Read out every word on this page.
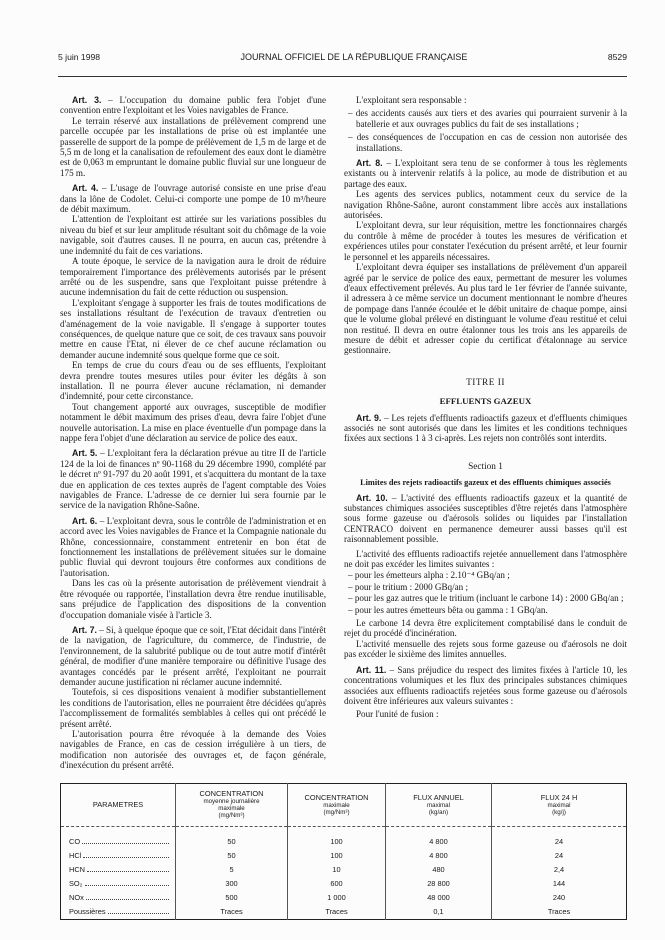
5 juin 1998	JOURNAL OFFICIEL DE LA RÉPUBLIQUE FRANÇAISE	8529

Art. 3. – L'occupation du domaine public fera l'objet d'une convention entre l'exploitant et les Voies navigables de France.

Le terrain réservé aux installations de prélèvement comprend une parcelle occupée par les installations de prise où est implantée une passerelle de support de la pompe de prélèvement de 1,5 m de large et de 5,5 m de long et la canalisation de refoulement des eaux dont le diamètre est de 0,063 m empruntant le domaine public fluvial sur une longueur de 175 m.

Art. 4. – L'usage de l'ouvrage autorisé consiste en une prise d'eau dans la lône de Codolet. Celui-ci comporte une pompe de 10 m³/heure de débit maximum.

L'attention de l'exploitant est attirée sur les variations possibles du niveau du bief et sur leur amplitude résultant soit du chômage de la voie navigable, soit d'autres causes. Il ne pourra, en aucun cas, prétendre à une indemnité du fait de ces variations.

A toute époque, le service de la navigation aura le droit de réduire temporairement l'importance des prélèvements autorisés par le présent arrêté ou de les suspendre, sans que l'exploitant puisse prétendre à aucune indemnisation du fait de cette réduction ou suspension.

L'exploitant s'engage à supporter les frais de toutes modifications de ses installations résultant de l'exécution de travaux d'entretien ou d'aménagement de la voie navigable. Il s'engage à supporter toutes conséquences, de quelque nature que ce soit, de ces travaux sans pouvoir mettre en cause l'Etat, ni élever de ce chef aucune réclamation ou demander aucune indemnité sous quelque forme que ce soit.

En temps de crue du cours d'eau ou de ses effluents, l'exploitant devra prendre toutes mesures utiles pour éviter les dégâts à son installation. Il ne pourra élever aucune réclamation, ni demander d'indemnité, pour cette circonstance.

Tout changement apporté aux ouvrages, susceptible de modifier notamment le débit maximum des prises d'eau, devra faire l'objet d'une nouvelle autorisation. La mise en place éventuelle d'un pompage dans la nappe fera l'objet d'une déclaration au service de police des eaux.

Art. 5. – L'exploitant fera la déclaration prévue au titre II de l'article 124 de la loi de finances nº 90-1168 du 29 décembre 1990, complété par le décret nº 91-797 du 20 août 1991, et s'acquittera du montant de la taxe due en application de ces textes auprès de l'agent comptable des Voies navigables de France. L'adresse de ce dernier lui sera fournie par le service de la navigation Rhône-Saône.

Art. 6. – L'exploitant devra, sous le contrôle de l'administration et en accord avec les Voies navigables de France et la Compagnie nationale du Rhône, concessionnaire, constamment entretenir en bon état de fonctionnement les installations de prélèvement situées sur le domaine public fluvial qui devront toujours être conformes aux conditions de l'autorisation.

Dans les cas où la présente autorisation de prélèvement viendrait à être révoquée ou rapportée, l'installation devra être rendue inutilisable, sans préjudice de l'application des dispositions de la convention d'occupation domaniale visée à l'article 3.

Art. 7. – Si, à quelque époque que ce soit, l'Etat décidait dans l'intérêt de la navigation, de l'agriculture, du commerce, de l'industrie, de l'environnement, de la salubrité publique ou de tout autre motif d'intérêt général, de modifier d'une manière temporaire ou définitive l'usage des avantages concédés par le présent arrêté, l'exploitant ne pourrait demander aucune justification ni réclamer aucune indemnité.

Toutefois, si ces dispositions venaient à modifier substantiellement les conditions de l'autorisation, elles ne pourraient être décidées qu'après l'accomplissement de formalités semblables à celles qui ont précédé le présent arrêté.

L'autorisation pourra être révoquée à la demande des Voies navigables de France, en cas de cession irrégulière à un tiers, de modification non autorisée des ouvrages et, de façon générale, d'inexécution du présent arrêté.

L'exploitant sera responsable :

– des accidents causés aux tiers et des avaries qui pourraient survenir à la batellerie et aux ouvrages publics du fait de ses installations ;
– des conséquences de l'occupation en cas de cession non autorisée des installations.

Art. 8. – L'exploitant sera tenu de se conformer à tous les règlements existants ou à intervenir relatifs à la police, au mode de distribution et au partage des eaux.

Les agents des services publics, notamment ceux du service de la navigation Rhône-Saône, auront constamment libre accès aux installations autorisées.

L'exploitant devra, sur leur réquisition, mettre les fonctionnaires chargés du contrôle à même de procéder à toutes les mesures de vérification et expériences utiles pour constater l'exécution du présent arrêté, et leur fournir le personnel et les appareils nécessaires.

L'exploitant devra équiper ses installations de prélèvement d'un appareil agréé par le service de police des eaux, permettant de mesurer les volumes d'eaux effectivement prélevés. Au plus tard le 1er février de l'année suivante, il adressera à ce même service un document mentionnant le nombre d'heures de pompage dans l'année écoulée et le débit unitaire de chaque pompe, ainsi que le volume global prélevé en distinguant le volume d'eau restitué et celui non restitué. Il devra en outre étalonner tous les trois ans les appareils de mesure de débit et adresser copie du certificat d'étalonnage au service gestionnaire.

TITRE II
EFFLUENTS GAZEUX

Art. 9. – Les rejets d'effluents radioactifs gazeux et d'effluents chimiques associés ne sont autorisés que dans les limites et les conditions techniques fixées aux sections 1 à 3 ci-après. Les rejets non contrôlés sont interdits.

Section 1
Limites des rejets radioactifs gazeux et des effluents chimiques associés

Art. 10. – L'activité des effluents radioactifs gazeux et la quantité de substances chimiques associées susceptibles d'être rejetés dans l'atmosphère sous forme gazeuse ou d'aérosols solides ou liquides par l'installation CENTRACO doivent en permanence demeurer aussi basses qu'il est raisonnablement possible.

L'activité des effluents radioactifs rejetée annuellement dans l'atmosphère ne doit pas excéder les limites suivantes :

– pour les émetteurs alpha : 2.10⁻⁴ GBq/an ;
– pour le tritium : 2000 GBq/an ;
– pour les gaz autres que le tritium (incluant le carbone 14) : 2000 GBq/an ;
– pour les autres émetteurs bêta ou gamma : 1 GBq/an.

Le carbone 14 devra être explicitement comptabilisé dans le conduit de rejet du procédé d'incinération.

L'activité mensuelle des rejets sous forme gazeuse ou d'aérosols ne doit pas excéder le sixième des limites annuelles.

Art. 11. – Sans préjudice du respect des limites fixées à l'article 10, les concentrations volumiques et les flux des principales substances chimiques associées aux effluents radioactifs rejetées sous forme gazeuse ou d'aérosols doivent être inférieures aux valeurs suivantes :

Pour l'unité de fusion :

PARAMETRES	CONCENTRATION
moyenne journalière
maximale
(mg/Nm³)	CONCENTRATION
maximale
(mg/Nm³)	FLUX ANNUEL
maximal
(kg/an)	FLUX 24 H
maximal
(kg/j)

CO	50	100	4 800	24

HCl	50	100	4 800	24

HCN	5	10	480	2,4

SO₂	300	600	28 800	144

NOx	500	1 000	48 000	240

Poussières	Traces	Traces	0,1	Traces
